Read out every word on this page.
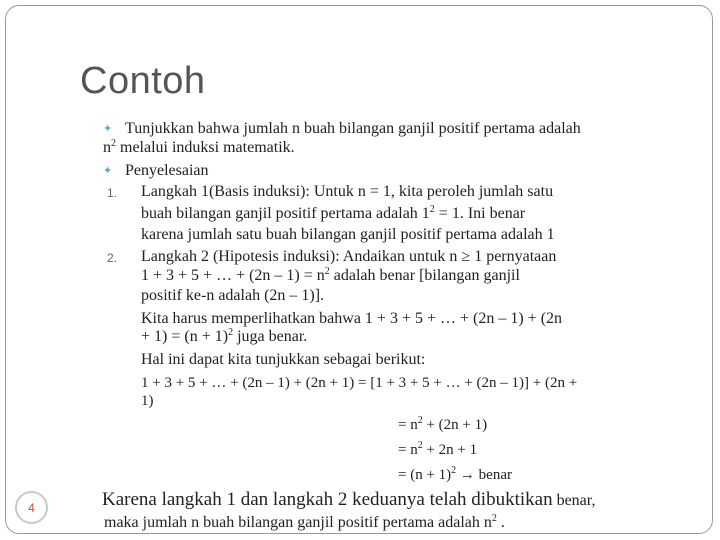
Contoh
✦ Tunjukkan bahwa jumlah n buah bilangan ganjil positif pertama adalah
$n^2$ melalui induksi matematik.
✦ Penyelesaian
1. Langkah 1(Basis induksi): Untuk n = 1, kita peroleh jumlah satu
buah bilangan ganjil positif pertama adalah $1^2 = 1$. Ini benar
karena jumlah satu buah bilangan ganjil positif pertama adalah 1
2. Langkah 2 (Hipotesis induksi): Andaikan untuk n ≥ 1 pernyataan
1 + 3 + 5 + … + $(2n - 1) = n^2$ adalah benar [bilangan ganjil
positif ke-n adalah (2n – 1)].
Kita harus memperlihatkan bahwa 1 + 3 + 5 + … + (2n – 1) + (2n
+ $1) = (n + 1)^2$ juga benar.
Hal ini dapat kita tunjukkan sebagai berikut:
1 + 3 + 5 + … + (2n – 1) + (2n + 1) = [1 + 3 + 5 + … + (2n – 1)] + (2n +
1)
= $n^2 + (2n + 1)$
= $n^2 + 2n + 1$
= $(n + 1)^2$ → benar
Karena langkah 1 dan langkah 2 keduanya telah dibuktikan benar,
maka jumlah n buah bilangan ganjil positif pertama adalah $n^2$ .
4
